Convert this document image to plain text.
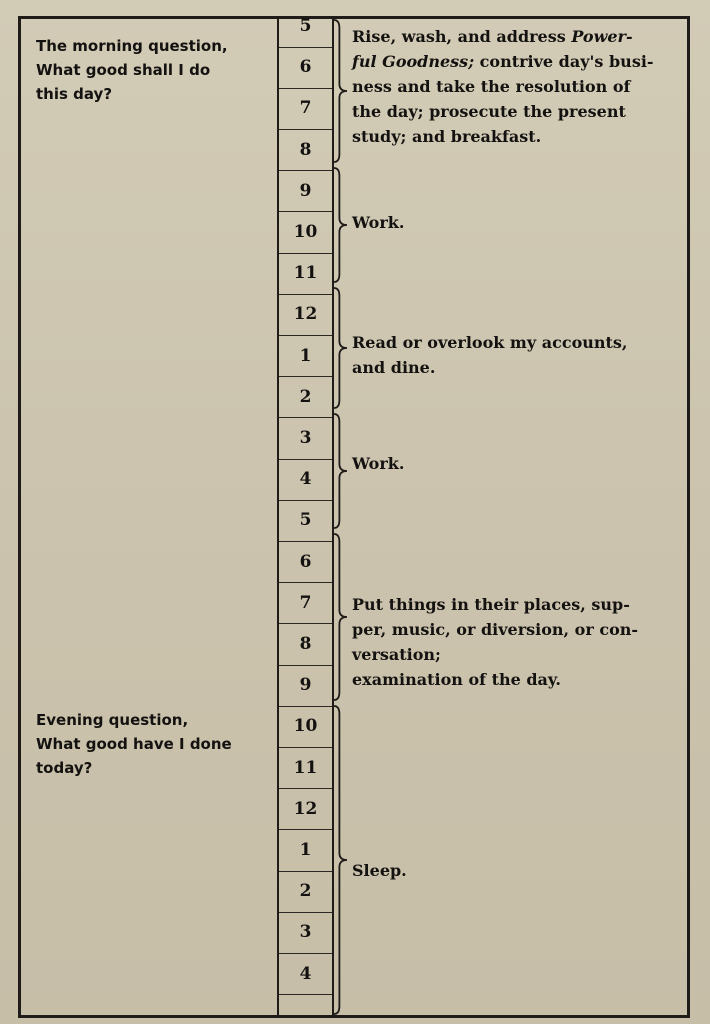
5
6
7
8
9
10
11
12
1
2
3
4
5
6
7
8
9
10
11
12
1
2
3
4
The morning question,
What good shall I do
this day?
Evening question,
What good have I done
today?
Rise, wash, and address Power-
ful Goodness; contrive day's busi-
ness and take the resolution of
the day; prosecute the present
study; and breakfast.
Work.
Read or overlook my accounts,
and dine.
Work.
Put things in their places, sup-
per, music, or diversion, or con-
versation;
examination of the day.
Sleep.
